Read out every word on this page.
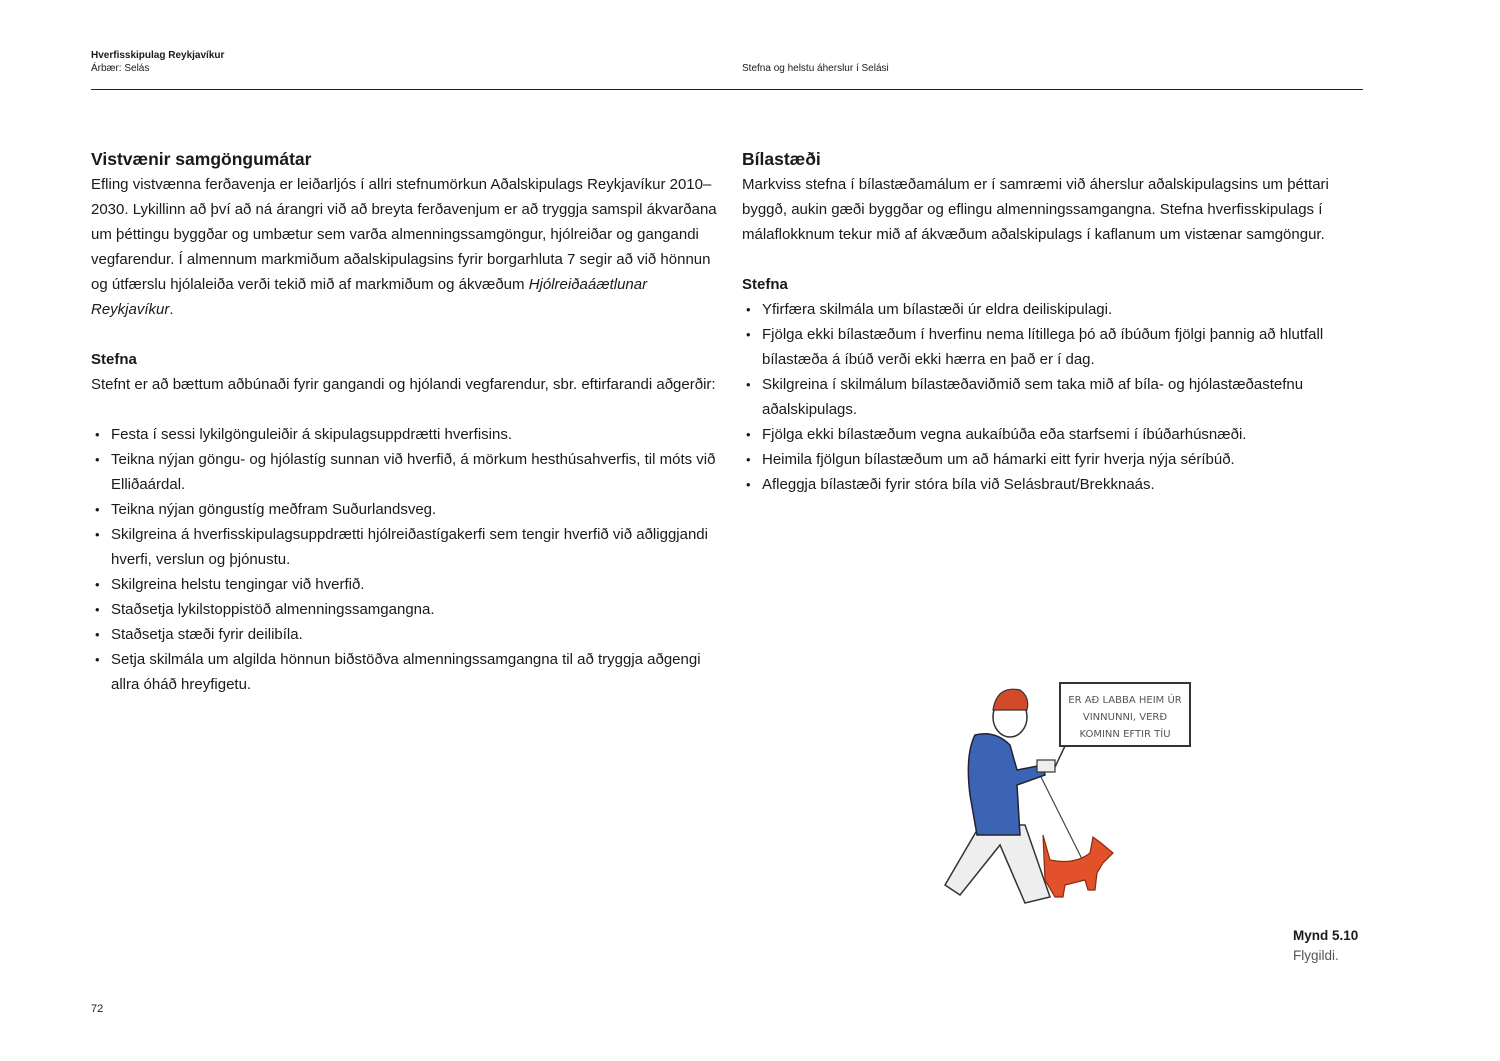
Hverfisskipulag Reykjavíkur
Árbær: Selás	Stefna og helstu áherslur í Selási
Vistvænir samgöngumátar

Efling vistvænna ferðavenja er leiðarljós í allri stefnumörkun Aðalskipulags Reykjavíkur 2010–2030. Lykillinn að því að ná árangri við að breyta ferðavenjum er að tryggja samspil ákvarðana um þéttingu byggðar og umbætur sem varða almenningssamgöngur, hjólreiðar og gangandi vegfarendur. Í almennum markmiðum aðalskipulagsins fyrir borgarhluta 7 segir að við hönnun og útfærslu hjólaleiða verði tekið mið af markmiðum og ákvæðum Hjólreiðaáætlunar Reykjavíkur.

Stefna

Stefnt er að bættum aðbúnaði fyrir gangandi og hjólandi vegfarendur, sbr. eftirfarandi aðgerðir:

• Festa í sessi lykilgönguleiðir á skipulagsuppdrætti hverfisins.
• Teikna nýjan göngu- og hjólastíg sunnan við hverfið, á mörkum hesthúsahverfis, til móts við Elliðaárdal.
• Teikna nýjan göngustíg meðfram Suðurlandsveg.
• Skilgreina á hverfisskipulagsuppdrætti hjólreiðastígakerfi sem tengir hverfið við aðliggjandi hverfi, verslun og þjónustu.
• Skilgreina helstu tengingar við hverfið.
• Staðsetja lykilstoppistöð almenningssamgangna.
• Staðsetja stæði fyrir deilibíla.
• Setja skilmála um algilda hönnun biðstöðva almenningssamgangna til að tryggja aðgengi allra óháð hreyfigetu.
Bílastæði

Markviss stefna í bílastæðamálum er í samræmi við áherslur aðalskipulagsins um þéttari byggð, aukin gæði byggðar og eflingu almenningssamgangna. Stefna hverfisskipulags í málaflokknum tekur mið af ákvæðum aðalskipulags í kaflanum um vistænar samgöngur.

Stefna
• Yfirfæra skilmála um bílastæði úr eldra deiliskipulagi.
• Fjölga ekki bílastæðum í hverfinu nema lítillega þó að íbúðum fjölgi þannig að hlutfall bílastæða á íbúð verði ekki hærra en það er í dag.
• Skilgreina í skilmálum bílastæðaviðmið sem taka mið af bíla- og hjólastæðastefnu aðalskipulags.
• Fjölga ekki bílastæðum vegna aukaíbúða eða starfsemi í íbúðarhúsnæði.
• Heimila fjölgun bílastæðum um að hámarki eitt fyrir hverja nýja séríbúð.
• Afleggja bílastæði fyrir stóra bíla við Selásbraut/Brekknaás.
ER AÐ LABBA HEIM ÚR
VINNUNNI, VERÐ
KOMINN EFTIR TÍU
Mynd 5.10
Flygildi.
72
